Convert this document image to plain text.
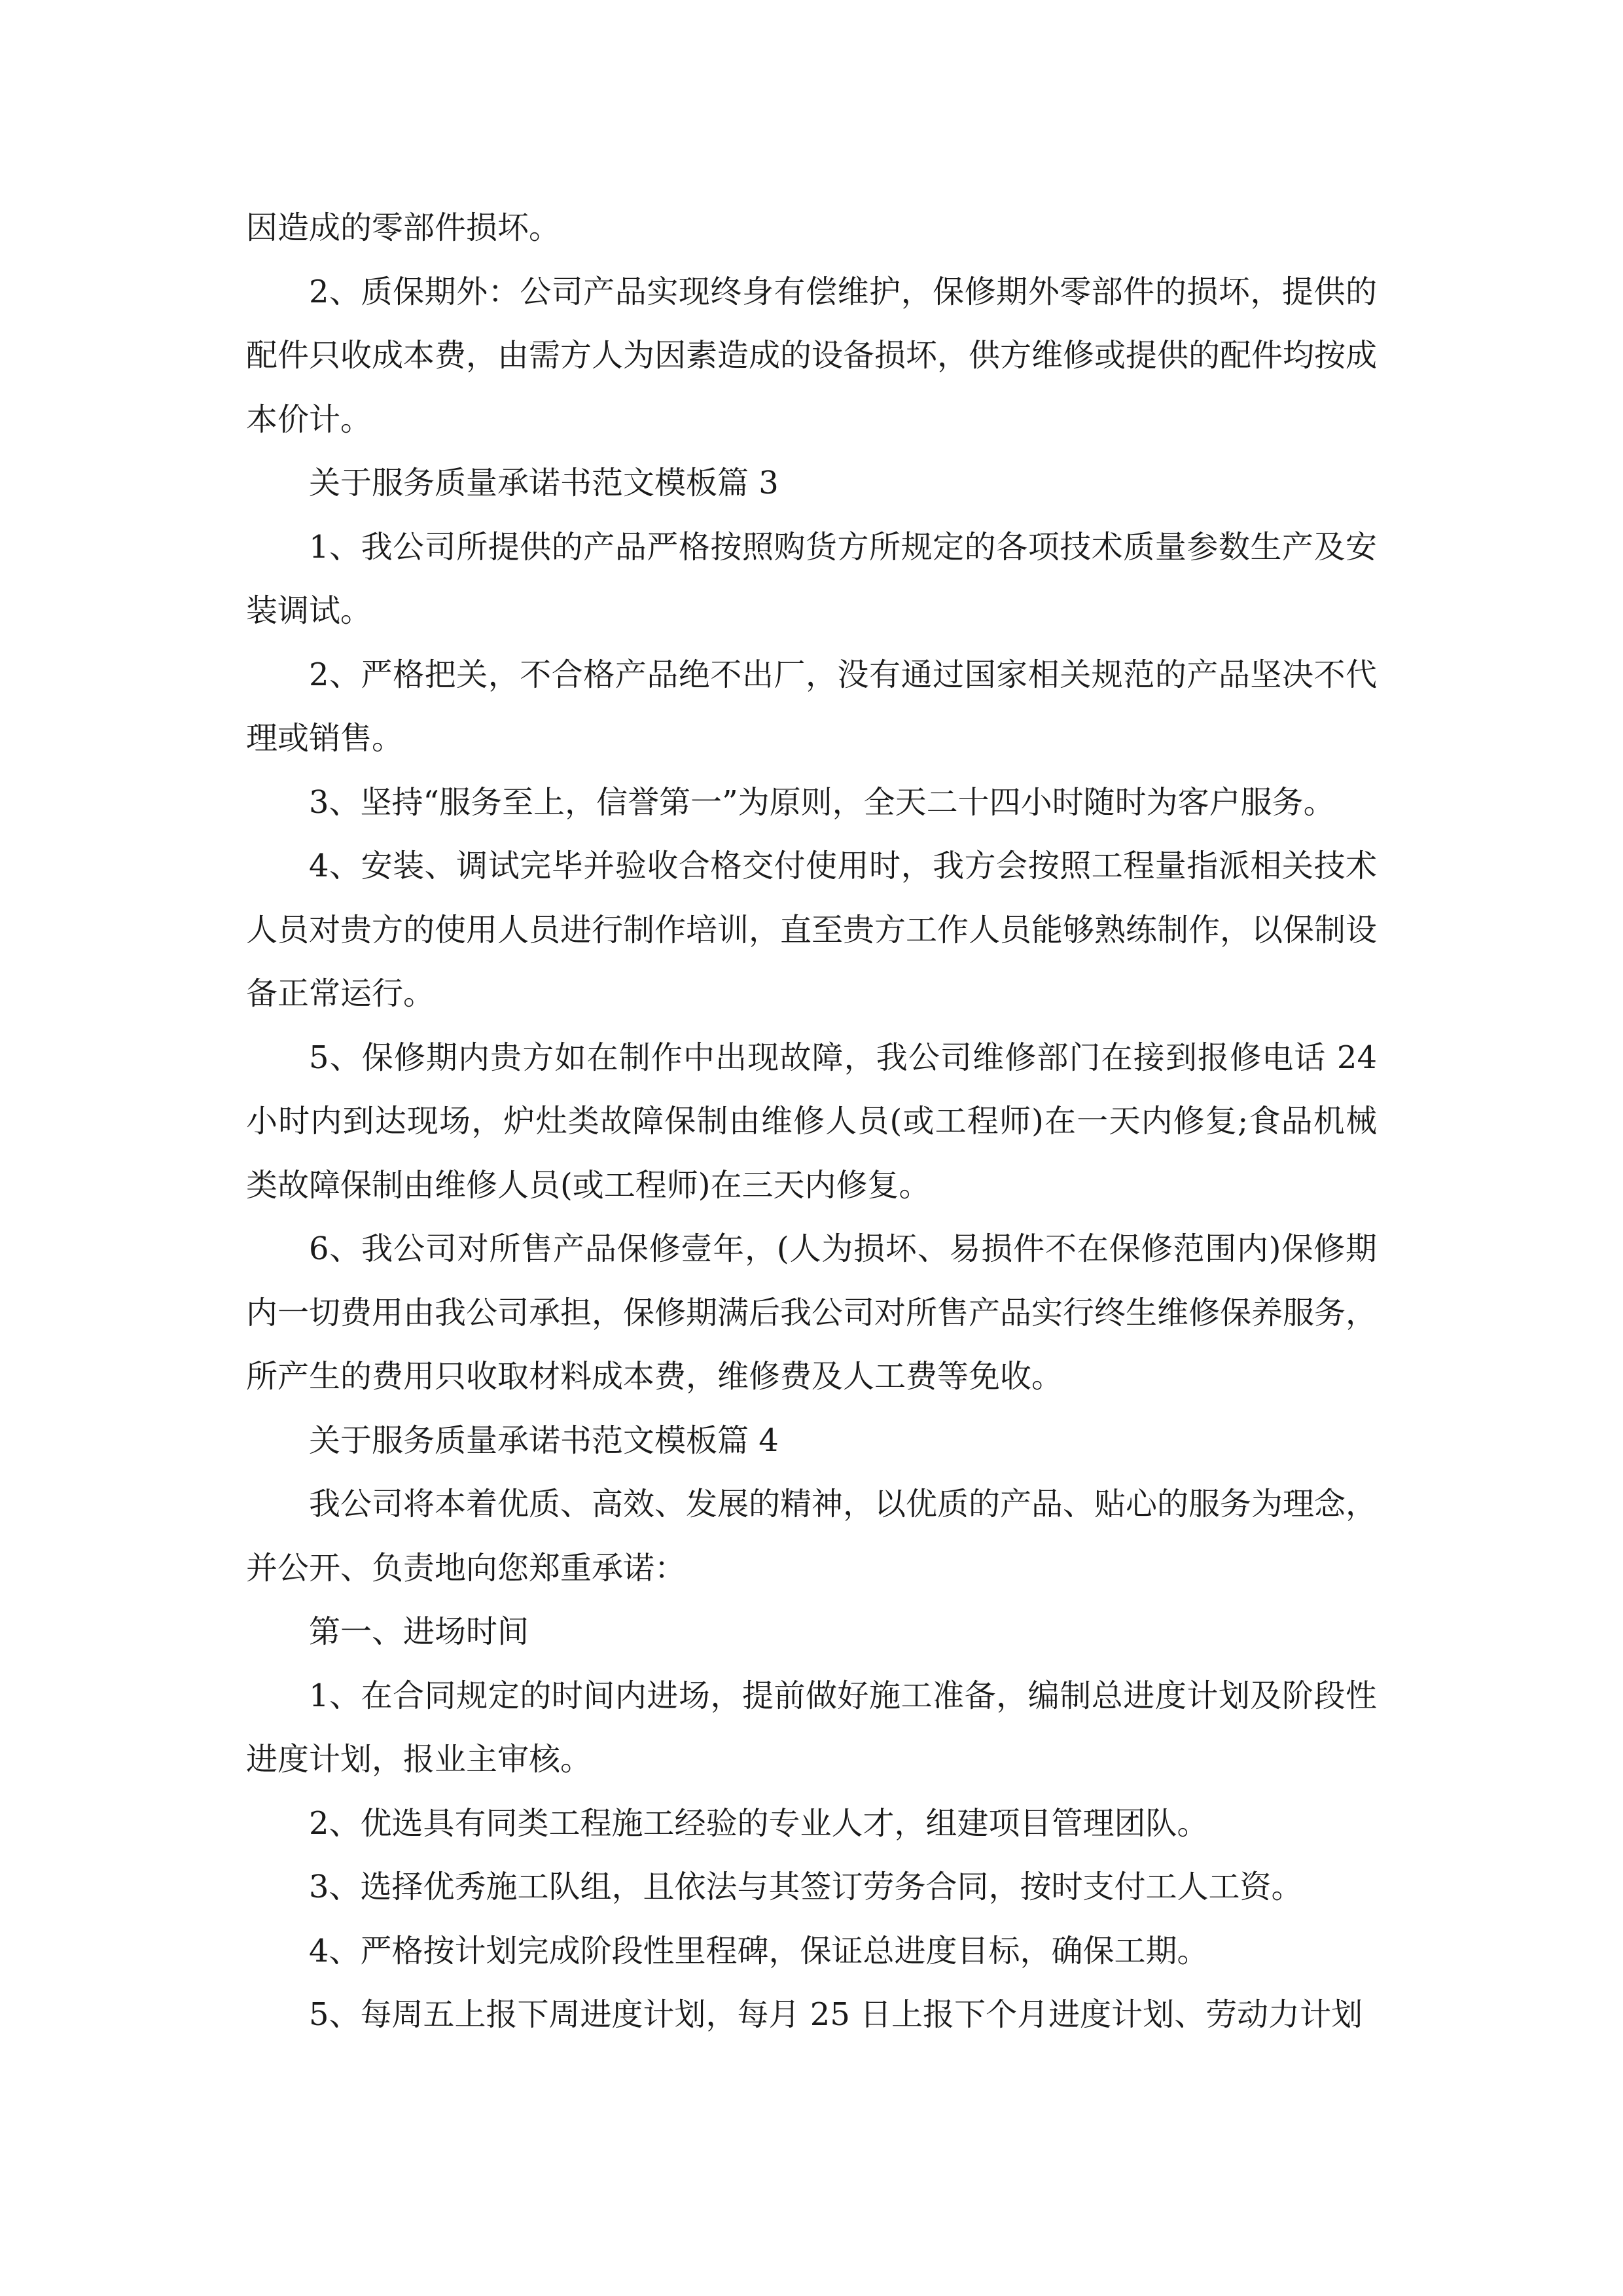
因造成的零部件损坏。

2、质保期外：公司产品实现终身有偿维护，保修期外零部件的损坏，提供的配件只收成本费，由需方人为因素造成的设备损坏，供方维修或提供的配件均按成本价计。

关于服务质量承诺书范文模板篇 3

1、我公司所提供的产品严格按照购货方所规定的各项技术质量参数生产及安装调试。

2、严格把关，不合格产品绝不出厂，没有通过国家相关规范的产品坚决不代理或销售。

3、坚持“服务至上，信誉第一”为原则，全天二十四小时随时为客户服务。

4、安装、调试完毕并验收合格交付使用时，我方会按照工程量指派相关技术人员对贵方的使用人员进行制作培训，直至贵方工作人员能够熟练制作，以保制设备正常运行。

5、保修期内贵方如在制作中出现故障，我公司维修部门在接到报修电话 24 小时内到达现场，炉灶类故障保制由维修人员(或工程师)在一天内修复;食品机械类故障保制由维修人员(或工程师)在三天内修复。

6、我公司对所售产品保修壹年，(人为损坏、易损件不在保修范围内)保修期内一切费用由我公司承担，保修期满后我公司对所售产品实行终生维修保养服务，所产生的费用只收取材料成本费，维修费及人工费等免收。

关于服务质量承诺书范文模板篇 4

我公司将本着优质、高效、发展的精神，以优质的产品、贴心的服务为理念，并公开、负责地向您郑重承诺：

第一、进场时间

1、在合同规定的时间内进场，提前做好施工准备，编制总进度计划及阶段性进度计划，报业主审核。

2、优选具有同类工程施工经验的专业人才，组建项目管理团队。

3、选择优秀施工队组，且依法与其签订劳务合同，按时支付工人工资。

4、严格按计划完成阶段性里程碑，保证总进度目标，确保工期。

5、每周五上报下周进度计划，每月 25 日上报下个月进度计划、劳动力计划
